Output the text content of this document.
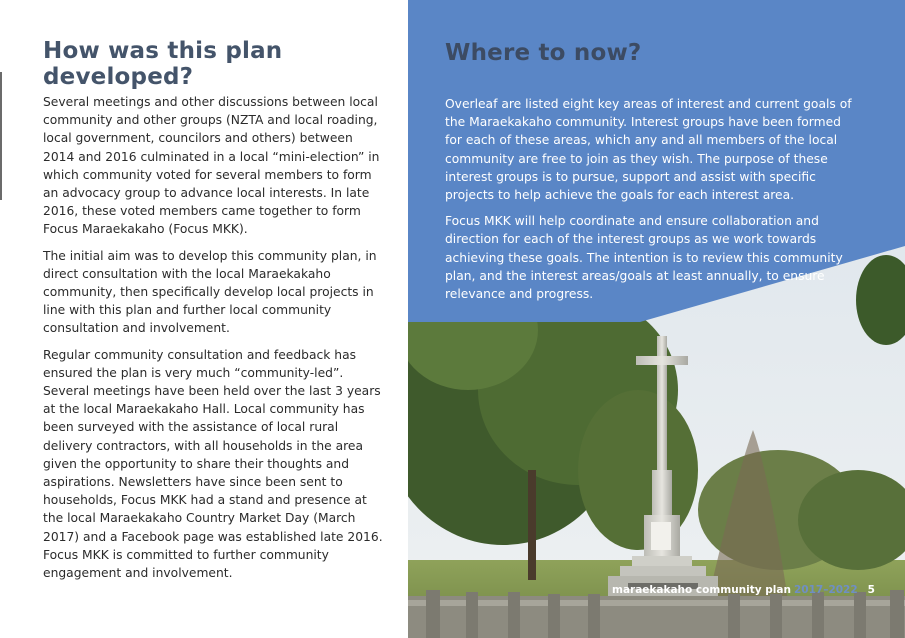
How was this plan developed?

Several meetings and other discussions between local community and other groups (NZTA and local roading, local government, councilors and others) between 2014 and 2016 culminated in a local “mini-election” in which community voted for several members to form an advocacy group to advance local interests. In late 2016, these voted members came together to form Focus Maraekakaho (Focus MKK).

The initial aim was to develop this community plan, in direct consultation with the local Maraekakaho community, then specifically develop local projects in line with this plan and further local community consultation and involvement.

Regular community consultation and feedback has ensured the plan is very much “community-led”. Several meetings have been held over the last 3 years at the local Maraekakaho Hall. Local community has been surveyed with the assistance of local rural delivery contractors, with all households in the area given the opportunity to share their thoughts and aspirations. Newsletters have since been sent to households, Focus MKK had a stand and presence at the local Maraekakaho Country Market Day (March 2017) and a Facebook page was established late 2016. Focus MKK is committed to further community engagement and involvement.

Where to now?

Overleaf are listed eight key areas of interest and current goals of the Maraekakaho community. Interest groups have been formed for each of these areas, which any and all members of the local community are free to join as they wish. The purpose of these interest groups is to pursue, support and assist with specific projects to help achieve the goals for each interest area.

Focus MKK will help coordinate and ensure collaboration and direction for each of the interest groups as we work towards achieving these goals. The intention is to review this community plan, and the interest areas/goals at least annually, to ensure relevance and progress.

maraekakaho community plan 2017–2022 5
